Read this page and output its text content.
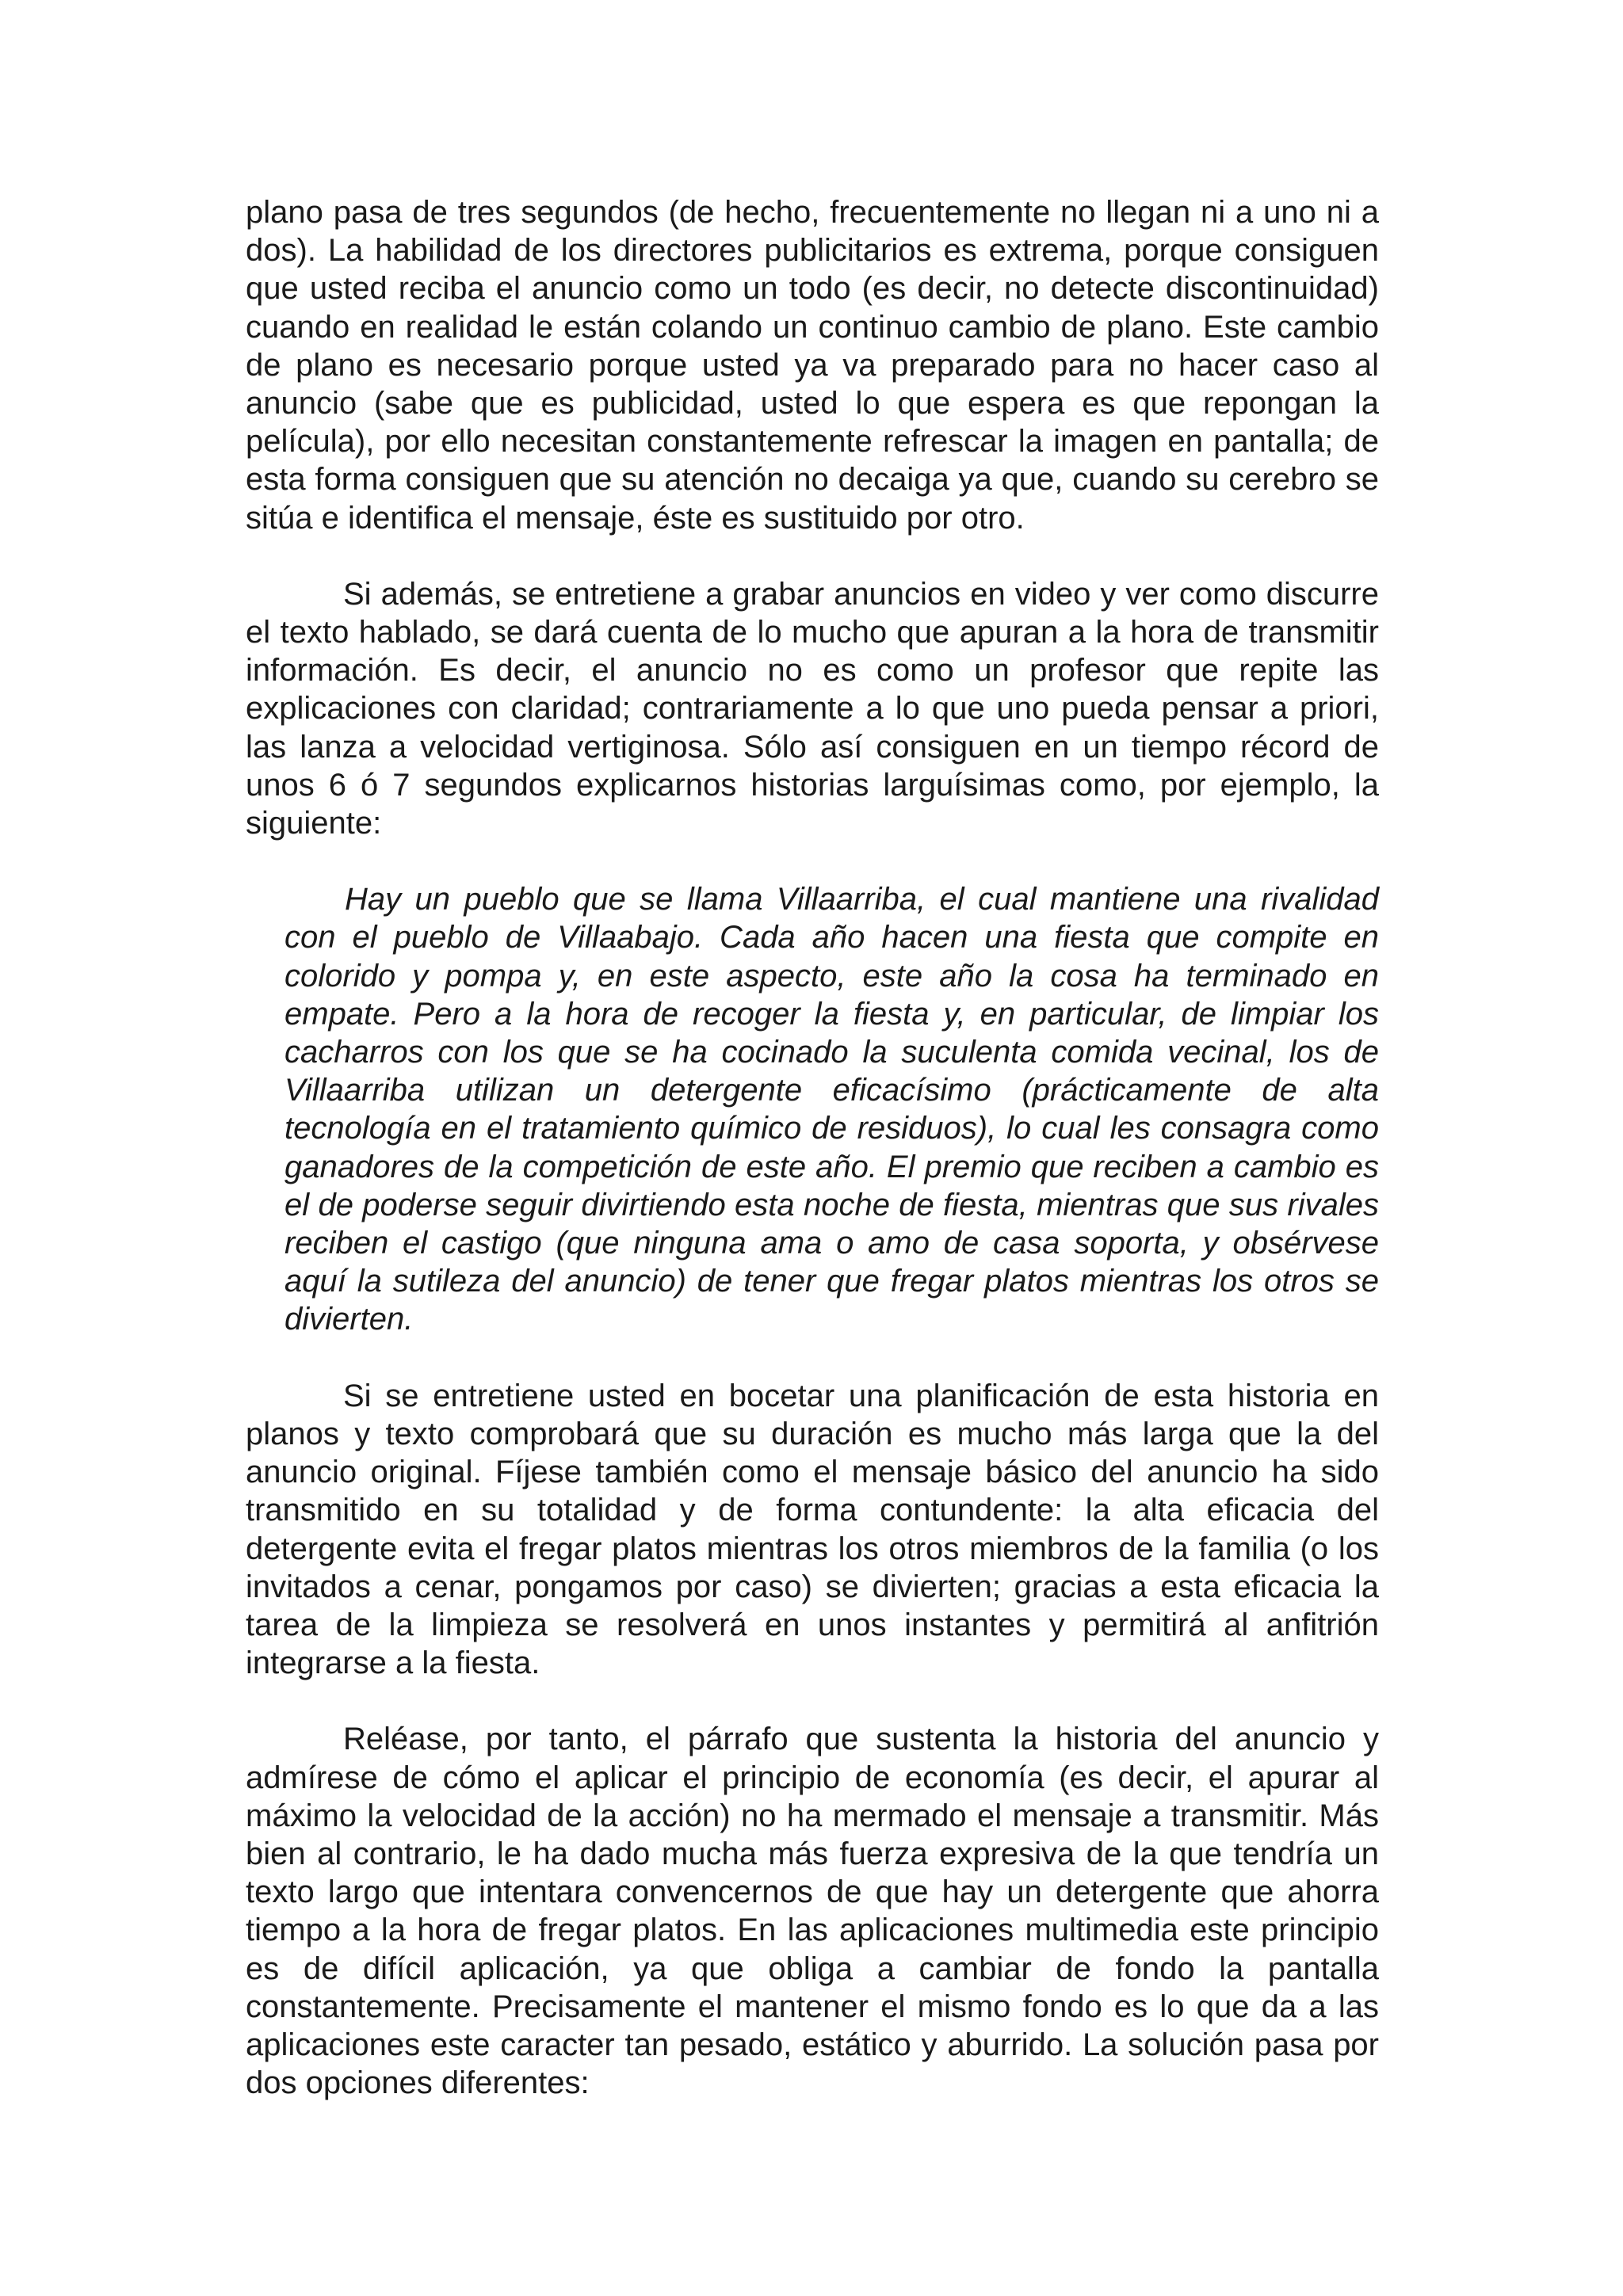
plano pasa de tres segundos (de hecho, frecuentemente no llegan ni a uno ni a dos). La habilidad de los directores publicitarios es extrema, porque consiguen que usted reciba el anuncio como un todo (es decir, no detecte discontinuidad) cuando en realidad le están colando un continuo cambio de plano. Este cambio de plano es necesario porque usted ya va preparado para no hacer caso al anuncio (sabe que es publicidad, usted lo que espera es que repongan la película), por ello necesitan constantemente refrescar la imagen en pantalla; de esta forma consiguen que su atención no decaiga ya que, cuando su cerebro se sitúa e identifica el mensaje, éste es sustituido por otro.

Si además, se entretiene a grabar anuncios en video y ver como discurre el texto hablado, se dará cuenta de lo mucho que apuran a la hora de transmitir información. Es decir, el anuncio no es como un profesor que repite las explicaciones con claridad; contrariamente a lo que uno pueda pensar a priori, las lanza a velocidad vertiginosa. Sólo así consiguen en un tiempo récord de unos 6 ó 7 segundos explicarnos historias larguísimas como, por ejemplo, la siguiente:

Hay un pueblo que se llama Villaarriba, el cual mantiene una rivalidad con el pueblo de Villaabajo. Cada año hacen una fiesta que compite en colorido y pompa y, en este aspecto, este año la cosa ha terminado en empate. Pero a la hora de recoger la fiesta y, en particular, de limpiar los cacharros con los que se ha cocinado la suculenta comida vecinal, los de Villaarriba utilizan un detergente eficacísimo (prácticamente de alta tecnología en el tratamiento químico de residuos), lo cual les consagra como ganadores de la competición de este año. El premio que reciben a cambio es el de poderse seguir divirtiendo esta noche de fiesta, mientras que sus rivales reciben el castigo (que ninguna ama o amo de casa soporta, y obsérvese aquí la sutileza del anuncio) de tener que fregar platos mientras los otros se divierten.

Si se entretiene usted en bocetar una planificación de esta historia en planos y texto comprobará que su duración es mucho más larga que la del anuncio original. Fíjese también como el mensaje básico del anuncio ha sido transmitido en su totalidad y de forma contundente: la alta eficacia del detergente evita el fregar platos mientras los otros miembros de la familia (o los invitados a cenar, pongamos por caso) se divierten; gracias a esta eficacia la tarea de la limpieza se resolverá en unos instantes y permitirá al anfitrión integrarse a la fiesta.

Reléase, por tanto, el párrafo que sustenta la historia del anuncio y admírese de cómo el aplicar el principio de economía (es decir, el apurar al máximo la velocidad de la acción) no ha mermado el mensaje a transmitir. Más bien al contrario, le ha dado mucha más fuerza expresiva de la que tendría un texto largo que intentara convencernos de que hay un detergente que ahorra tiempo a la hora de fregar platos. En las aplicaciones multimedia este principio es de difícil aplicación, ya que obliga a cambiar de fondo la pantalla constantemente. Precisamente el mantener el mismo fondo es lo que da a las aplicaciones este caracter tan pesado, estático y aburrido. La solución pasa por dos opciones diferentes:
